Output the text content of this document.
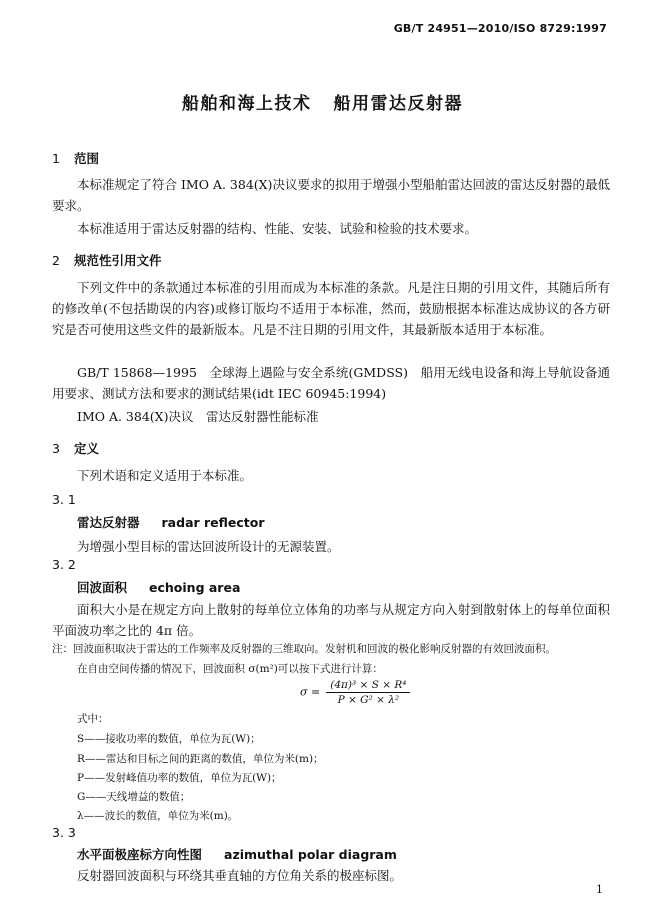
GB/T 24951—2010/ISO 8729:1997
船舶和海上技术 船用雷达反射器
1 范围
本标准规定了符合 IMO A. 384(X)决议要求的拟用于增强小型船舶雷达回波的雷达反射器的最低要求。
本标准适用于雷达反射器的结构、性能、安装、试验和检验的技术要求。
2 规范性引用文件
下列文件中的条款通过本标准的引用而成为本标准的条款。凡是注日期的引用文件，其随后所有的修改单(不包括勘误的内容)或修订版均不适用于本标准，然而，鼓励根据本标准达成协议的各方研究是否可使用这些文件的最新版本。凡是不注日期的引用文件，其最新版本适用于本标准。
GB/T 15868—1995　全球海上遇险与安全系统(GMDSS)　船用无线电设备和海上导航设备通用要求、测试方法和要求的测试结果(idt IEC 60945:1994)
IMO A. 384(X)决议　雷达反射器性能标准
3 定义
下列术语和定义适用于本标准。
3. 1
雷达反射器 radar reflector
为增强小型目标的雷达回波所设计的无源装置。
3. 2
回波面积 echoing area
面积大小是在规定方向上散射的每单位立体角的功率与从规定方向入射到散射体上的每单位面积平面波功率之比的 4π 倍。
注：回波面积取决于雷达的工作频率及反射器的三维取向。发射机和回波的极化影响反射器的有效回波面积。
在自由空间传播的情况下，回波面积 σ(m²)可以按下式进行计算：
$\sigma = \frac{\text{(4π)³ × S × R⁴}}{\text{P × G² × λ²}}$
式中：
S——接收功率的数值，单位为瓦(W)；
R——雷达和目标之间的距离的数值，单位为米(m)；
P——发射峰值功率的数值，单位为瓦(W)；
G——天线增益的数值；
λ——波长的数值，单位为米(m)。
3. 3
水平面极座标方向性图 azimuthal polar diagram
反射器回波面积与环绕其垂直轴的方位角关系的极座标图。
1
